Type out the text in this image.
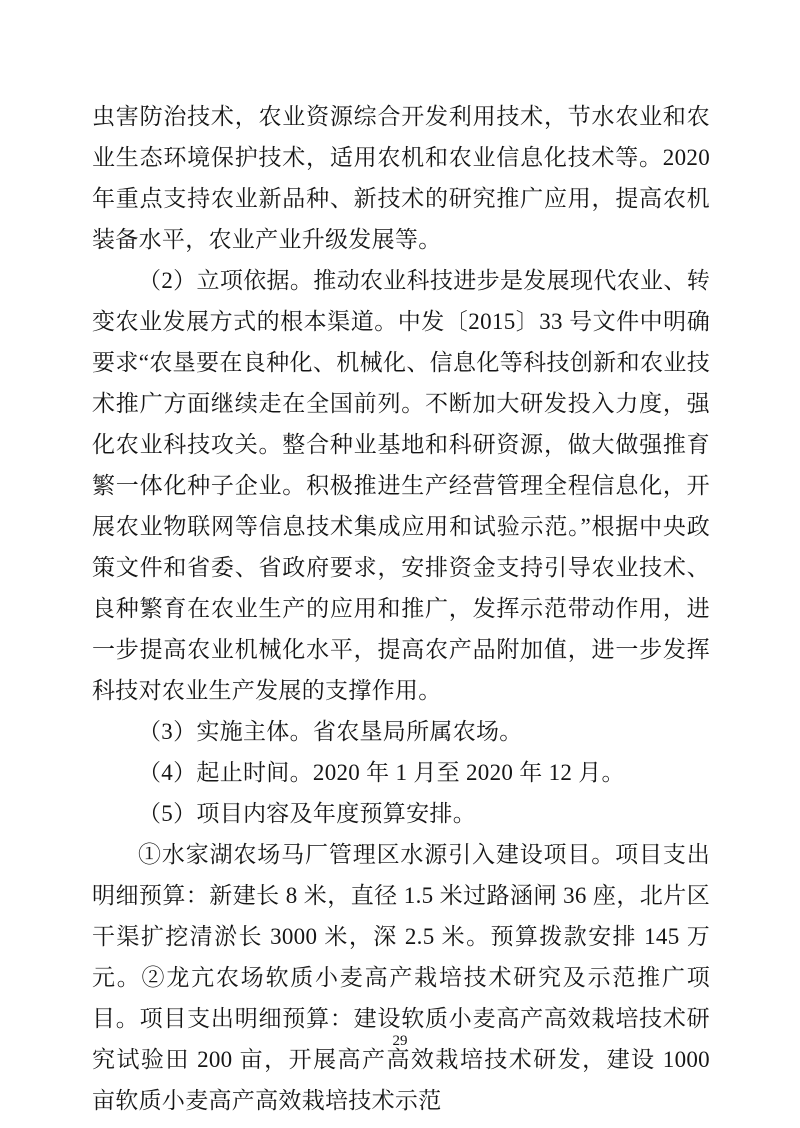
虫害防治技术，农业资源综合开发利用技术，节水农业和农业生态环境保护技术，适用农机和农业信息化技术等。2020 年重点支持农业新品种、新技术的研究推广应用，提高农机装备水平，农业产业升级发展等。

（2）立项依据。推动农业科技进步是发展现代农业、转变农业发展方式的根本渠道。中发〔2015〕33 号文件中明确要求“农垦要在良种化、机械化、信息化等科技创新和农业技术推广方面继续走在全国前列。不断加大研发投入力度，强化农业科技攻关。整合种业基地和科研资源，做大做强推育繁一体化种子企业。积极推进生产经营管理全程信息化，开展农业物联网等信息技术集成应用和试验示范。”根据中央政策文件和省委、省政府要求，安排资金支持引导农业技术、良种繁育在农业生产的应用和推广，发挥示范带动作用，进一步提高农业机械化水平，提高农产品附加值，进一步发挥科技对农业生产发展的支撑作用。

（3）实施主体。省农垦局所属农场。

（4）起止时间。2020 年 1 月至 2020 年 12 月。

（5）项目内容及年度预算安排。

①水家湖农场马厂管理区水源引入建设项目。项目支出明细预算：新建长 8 米，直径 1.5 米过路涵闸 36 座，北片区干渠扩挖清淤长 3000 米，深 2.5 米。预算拨款安排 145 万元。②龙亢农场软质小麦高产栽培技术研究及示范推广项目。项目支出明细预算：建设软质小麦高产高效栽培技术研究试验田 200 亩，开展高产高效栽培技术研发，建设 1000 亩软质小麦高产高效栽培技术示范

29
